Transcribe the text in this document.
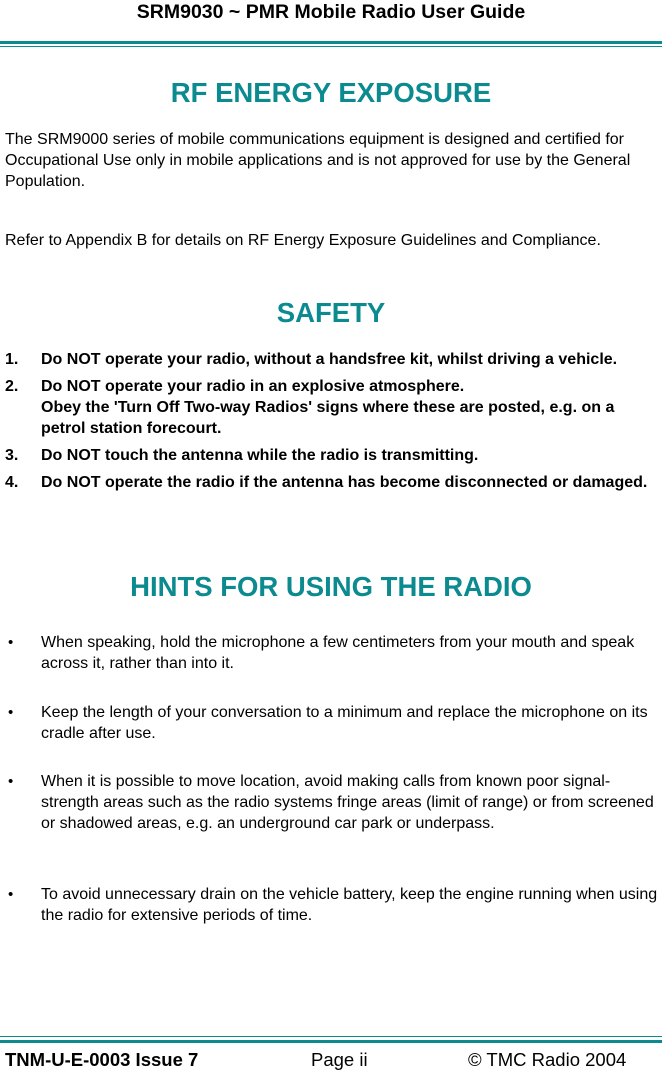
SRM9030 ~ PMR Mobile Radio User Guide
RF ENERGY EXPOSURE
The SRM9000 series of mobile communications equipment is designed and certified for Occupational Use only in mobile applications and is not approved for use by the General Population.
Refer to Appendix B for details on RF Energy Exposure Guidelines and Compliance.
SAFETY
1. Do NOT operate your radio, without a handsfree kit, whilst driving a vehicle.
2. Do NOT operate your radio in an explosive atmosphere.
Obey the 'Turn Off Two-way Radios' signs where these are posted, e.g. on a petrol station forecourt.
3. Do NOT touch the antenna while the radio is transmitting.
4. Do NOT operate the radio if the antenna has become disconnected or damaged.
HINTS FOR USING THE RADIO
• When speaking, hold the microphone a few centimeters from your mouth and speak across it, rather than into it.
• Keep the length of your conversation to a minimum and replace the microphone on its cradle after use.
• When it is possible to move location, avoid making calls from known poor signal-strength areas such as the radio systems fringe areas (limit of range) or from screened or shadowed areas, e.g. an underground car park or underpass.
• To avoid unnecessary drain on the vehicle battery, keep the engine running when using the radio for extensive periods of time.
TNM-U-E-0003 Issue 7	Page ii	© TMC Radio 2004
